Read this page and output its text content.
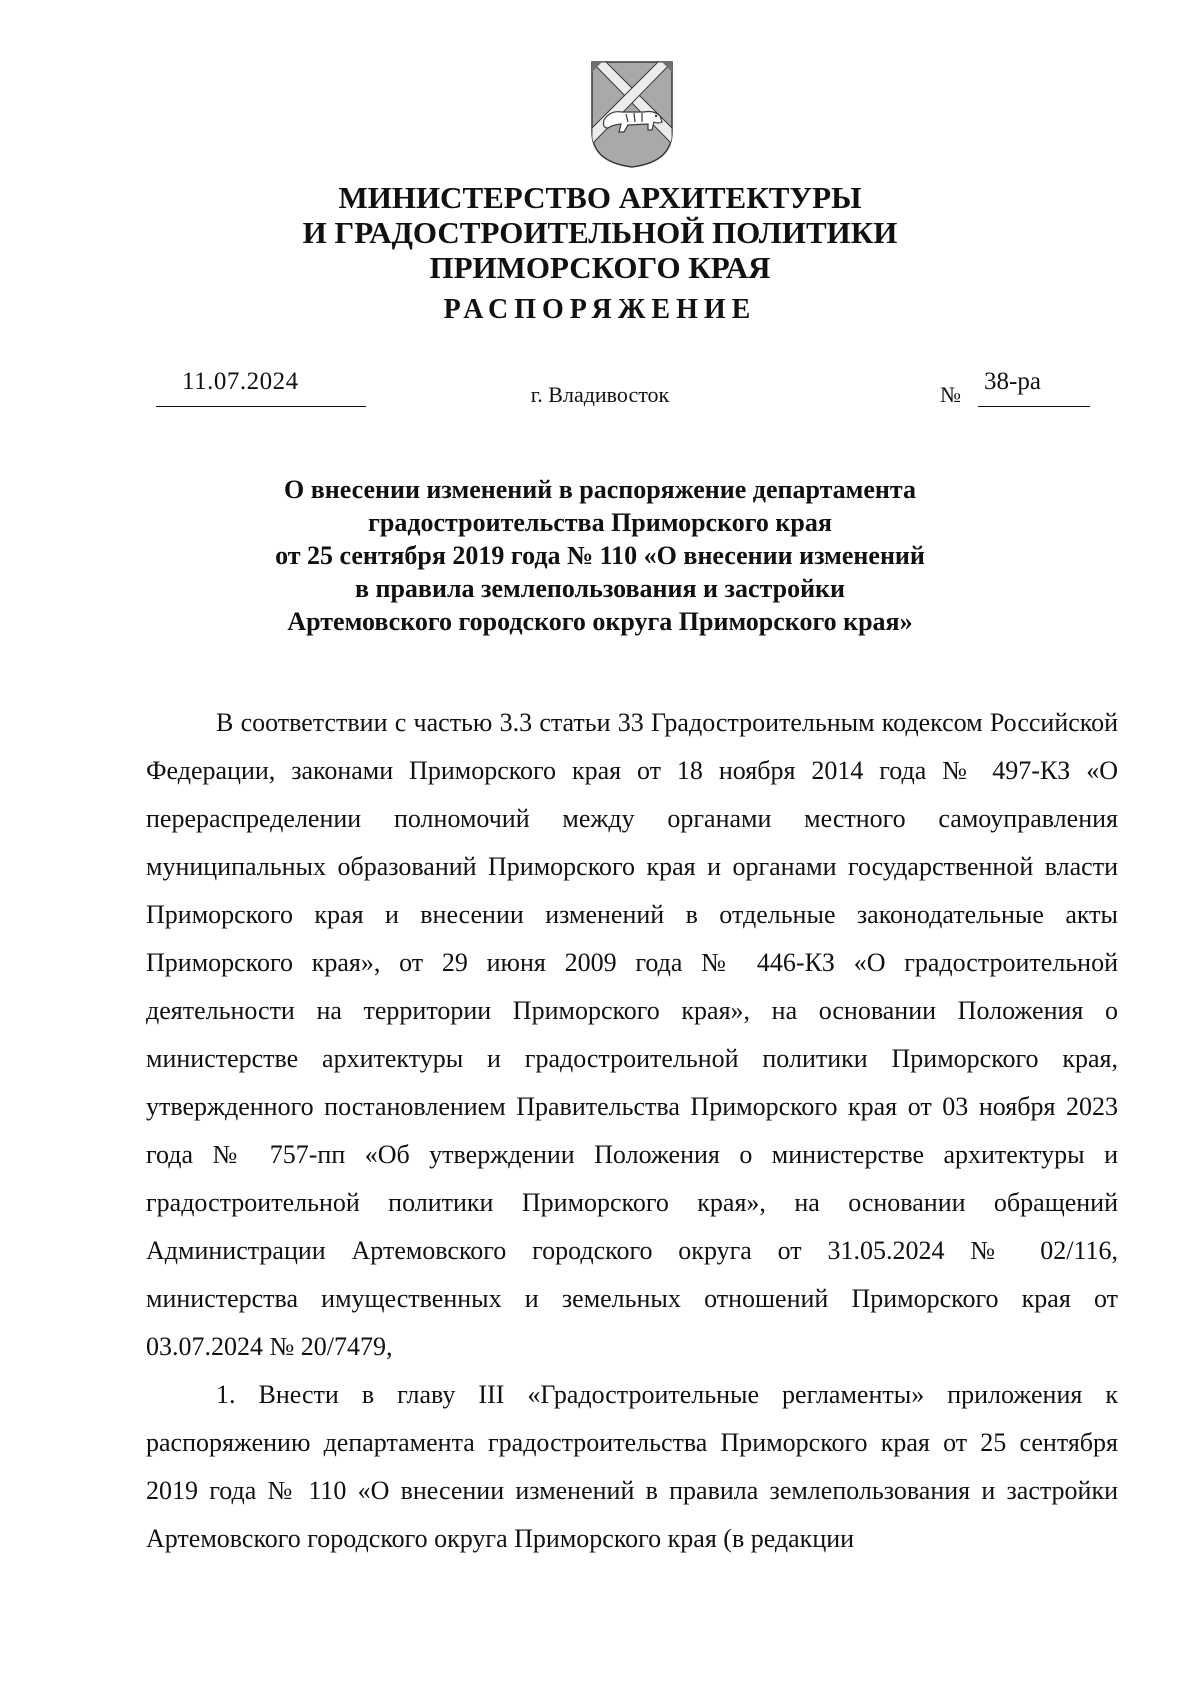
МИНИСТЕРСТВО АРХИТЕКТУРЫ
И ГРАДОСТРОИТЕЛЬНОЙ ПОЛИТИКИ
ПРИМОРСКОГО КРАЯ
РАСПОРЯЖЕНИЕ
11.07.2024	г. Владивосток	№ 38-ра
О внесении изменений в распоряжение департамента
градостроительства Приморского края
от 25 сентября 2019 года № 110 «О внесении изменений
в правила землепользования и застройки
Артемовского городского округа Приморского края»

В соответствии с частью 3.3 статьи 33 Градостроительным кодексом Российской Федерации, законами Приморского края от 18 ноября 2014 года № 497-КЗ «О перераспределении полномочий между органами местного самоуправления муниципальных образований Приморского края и органами государственной власти Приморского края и внесении изменений в отдельные законодательные акты Приморского края», от 29 июня 2009 года № 446-КЗ «О градостроительной деятельности на территории Приморского края», на основании Положения о министерстве архитектуры и градостроительной политики Приморского края, утвержденного постановлением Правительства Приморского края от 03 ноября 2023 года № 757-пп «Об утверждении Положения о министерстве архитектуры и градостроительной политики Приморского края», на основании обращений Администрации Артемовского городского округа от 31.05.2024 № 02/116, министерства имущественных и земельных отношений Приморского края от 03.07.2024 № 20/7479,

1. Внести в главу III «Градостроительные регламенты» приложения к распоряжению департамента градостроительства Приморского края от 25 сентября 2019 года № 110 «О внесении изменений в правила землепользования и застройки Артемовского городского округа Приморского края (в редакции
